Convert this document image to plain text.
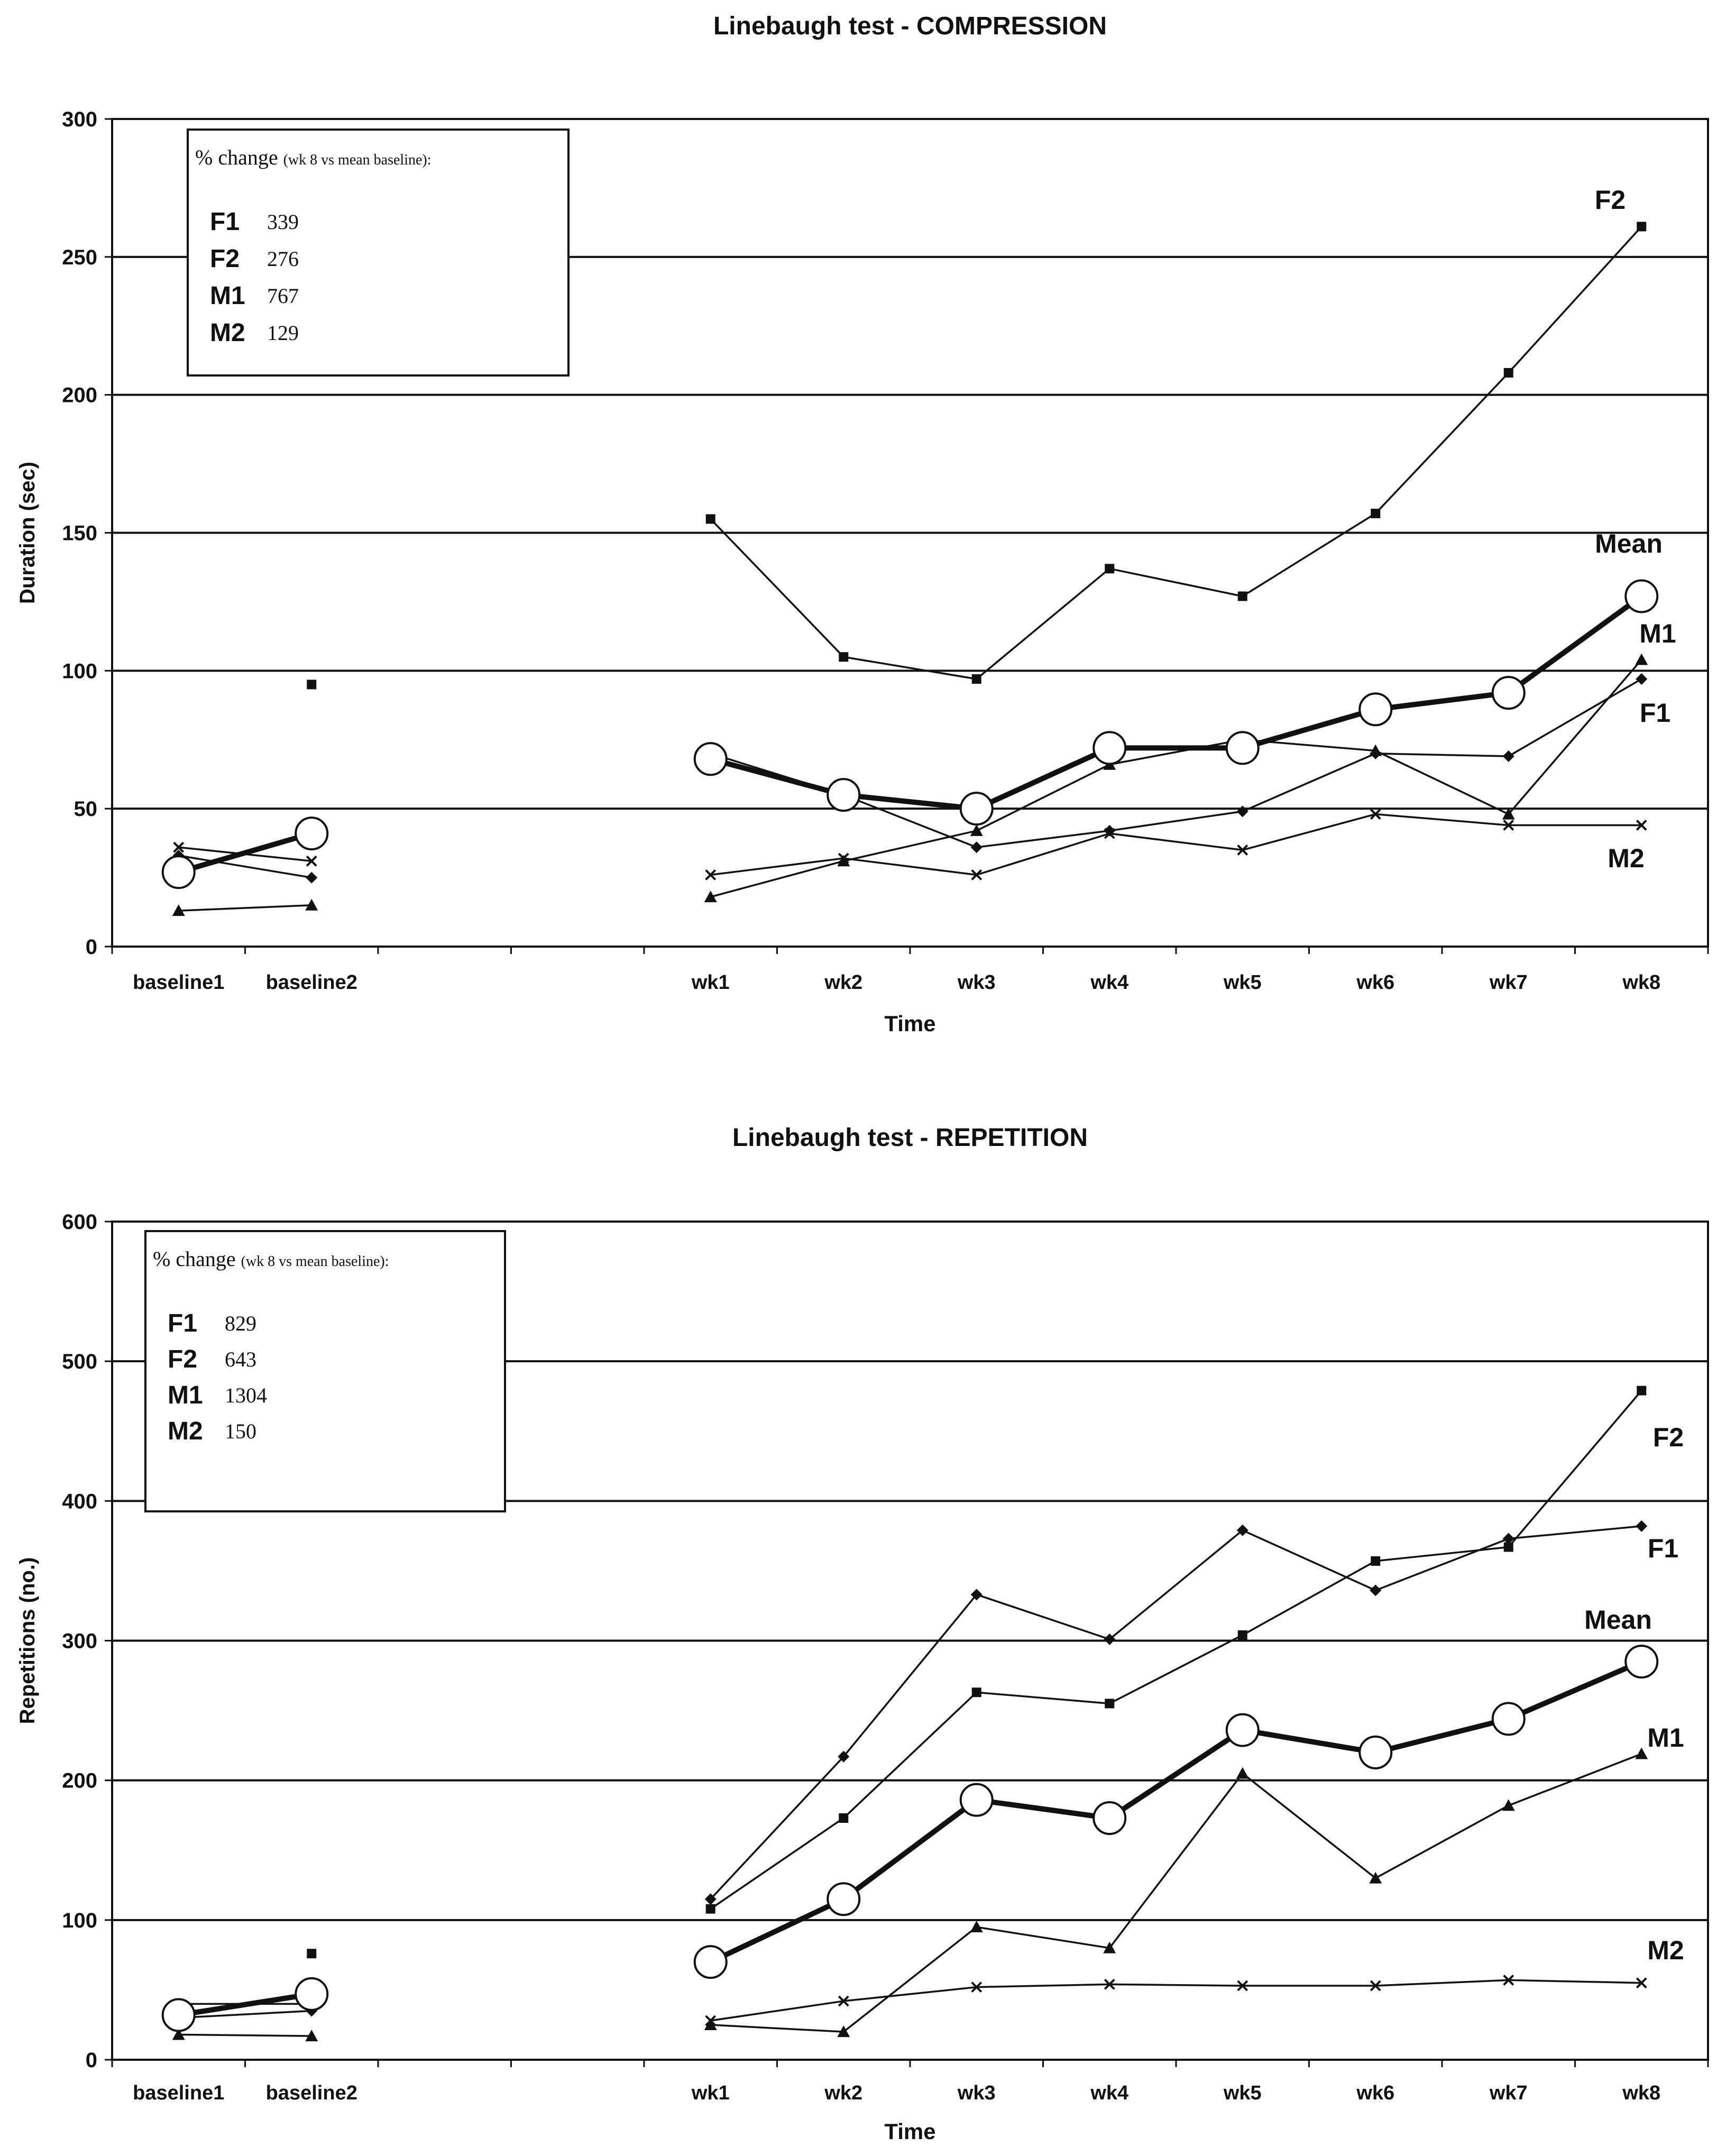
Linebaugh test - COMPRESSION
0
50
100
150
200
250
300
baseline1 baseline2	wk1	wk2	wk3	wk4	wk5	wk6	wk7	wk8
Time
Duration (sec)
F2
Mean
M1
F1
M2
% change (wk 8 vs mean baseline):
F1 339
F2 276
M1 767
M2 129
Linebaugh test - REPETITION
0
100
200
300
400
500
600
baseline1 baseline2	wk1	wk2	wk3	wk4	wk5	wk6	wk7	wk8
Time
Repetitions (no.)
F2
F1
Mean
M1
M2
% change (wk 8 vs mean baseline):
F1 829
F2 643
M1 1304
M2 150
